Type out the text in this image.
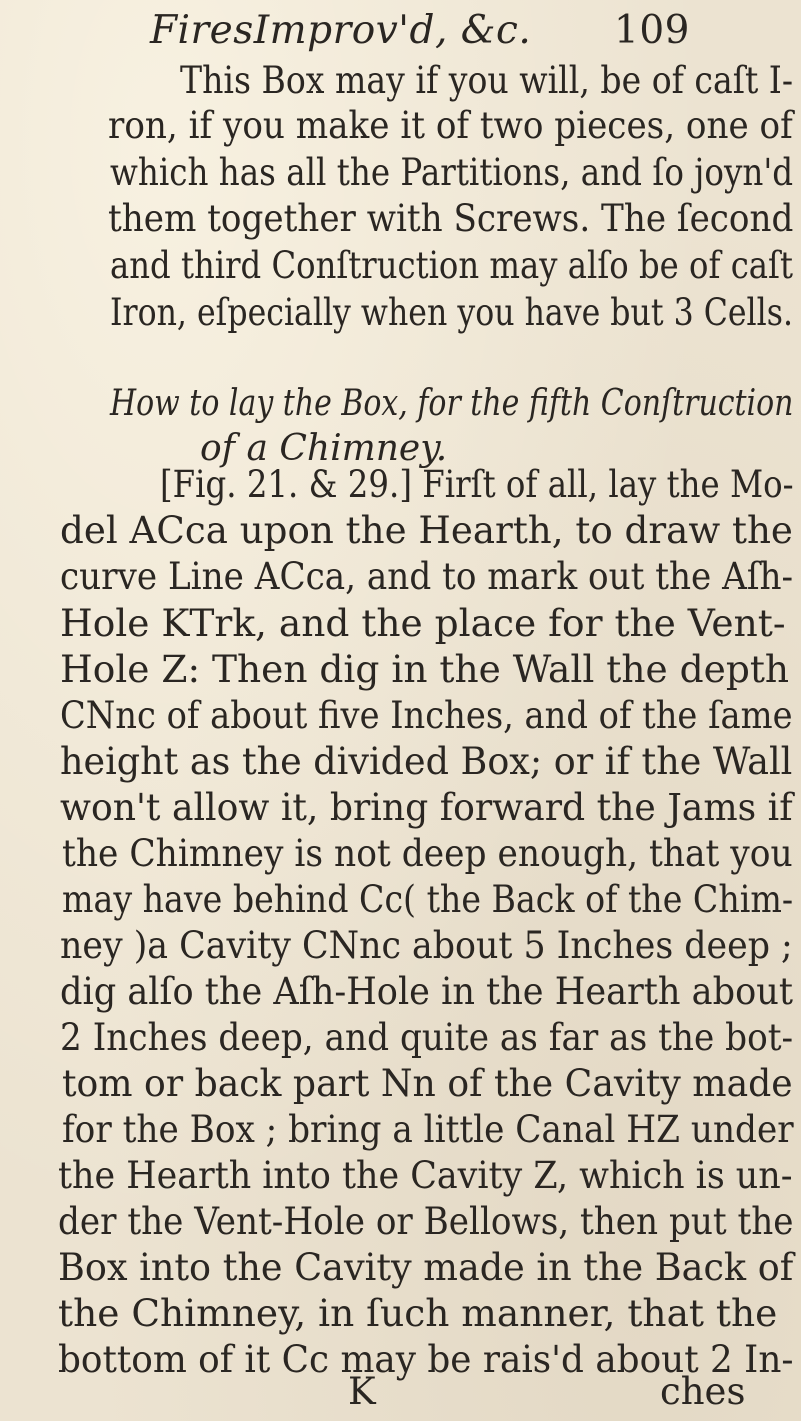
FiresImprov'd, &c. 109
This Box may if you will, be of caſt I-
ron, if you make it of two pieces, one of
which has all the Partitions, and ſo joyn'd
them together with Screws. The ſecond
and third Conſtruction may alſo be of caſt
Iron, eſpecially when you have but 3 Cells.
How to lay the Box, for the fifth Conſtruction
of a Chimney.
[Fig. 21. & 29.] Firſt of all, lay the Mo-
del ACca upon the Hearth, to draw the
curve Line ACca, and to mark out the Aſh-
Hole KTrk, and the place for the Vent-
Hole Z: Then dig in the Wall the depth
CNnc of about five Inches, and of the ſame
height as the divided Box; or if the Wall
won't allow it, bring forward the Jams if
the Chimney is not deep enough, that you
may have behind Cc( the Back of the Chim-
ney )a Cavity CNnc about 5 Inches deep ;
dig alſo the Aſh-Hole in the Hearth about
2 Inches deep, and quite as far as the bot-
tom or back part Nn of the Cavity made
for the Box ; bring a little Canal HZ under
the Hearth into the Cavity Z, which is un-
der the Vent-Hole or Bellows, then put the
Box into the Cavity made in the Back of
the Chimney, in ſuch manner, that the
bottom of it Cc may be rais'd about 2 In-
K	ches
